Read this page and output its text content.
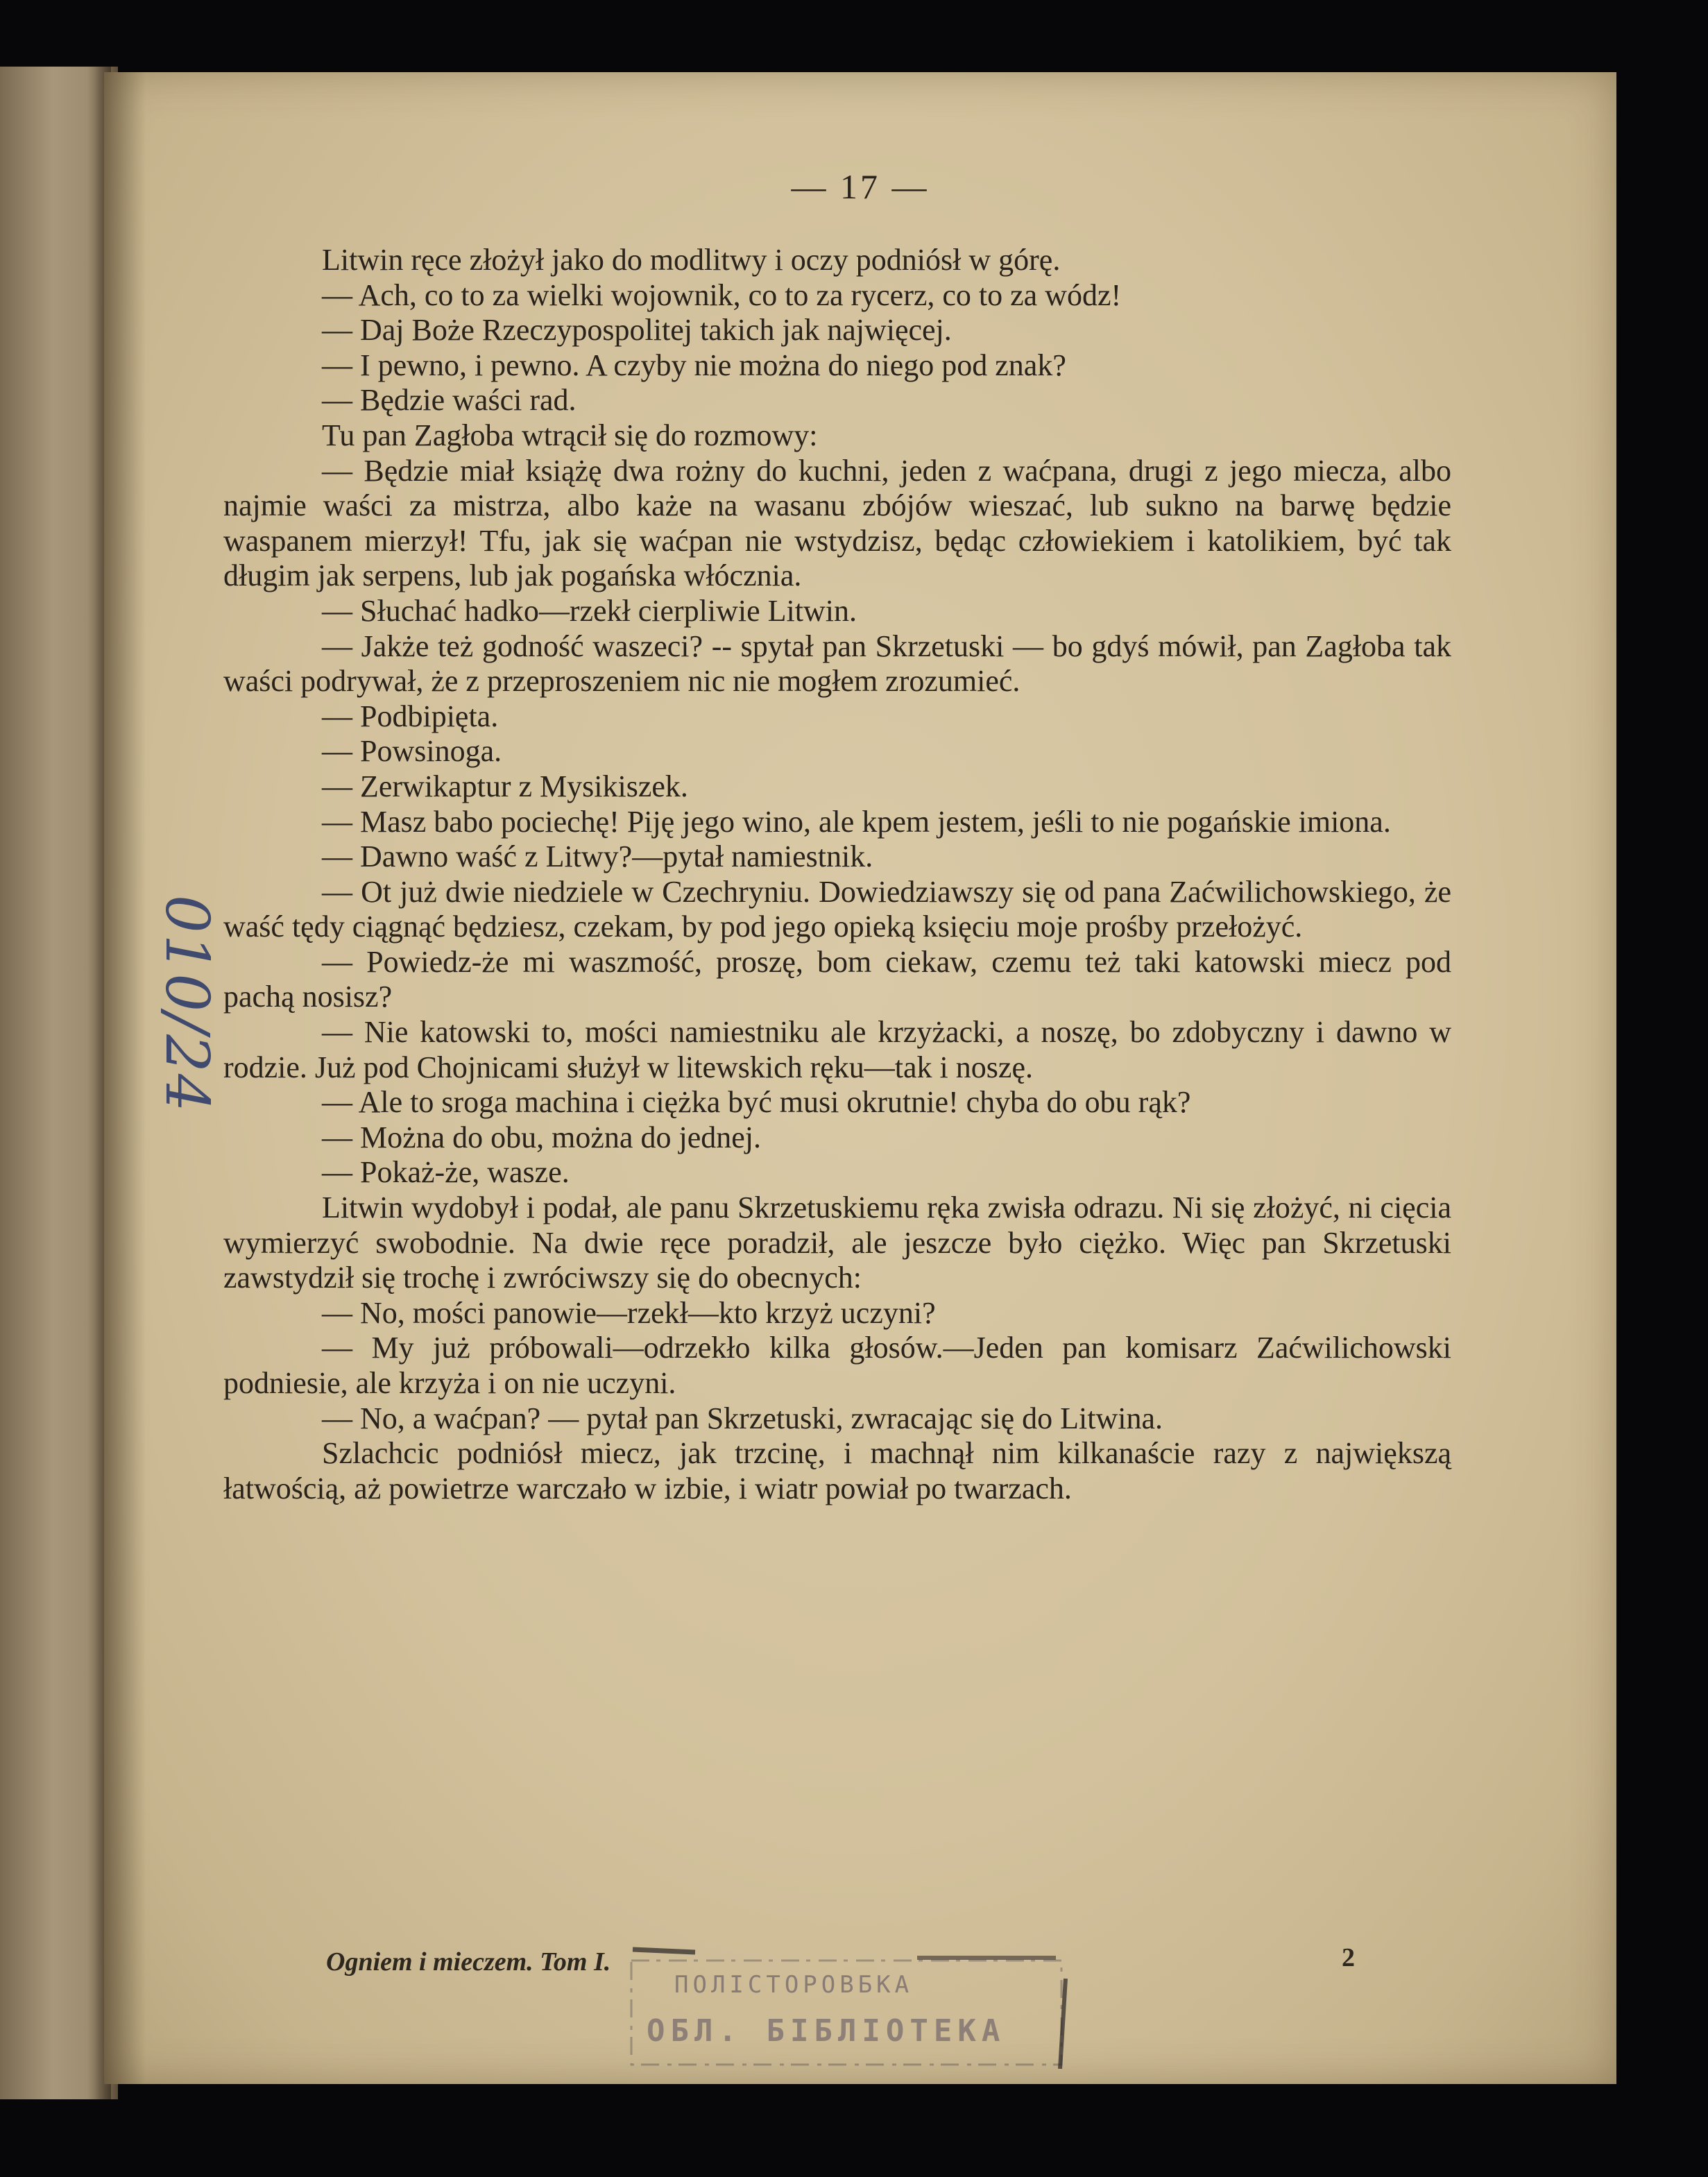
— 17 —

Litwin ręce złożył jako do modlitwy i oczy podniósł w górę.

— Ach, co to za wielki wojownik, co to za rycerz, co to za wódz!

— Daj Boże Rzeczypospolitej takich jak najwięcej.

— I pewno, i pewno. A czyby nie można do niego pod znak?

— Będzie waści rad.

Tu pan Zagłoba wtrącił się do rozmowy:

— Będzie miał książę dwa rożny do kuchni, jeden z waćpana, drugi z jego miecza, albo najmie waści za mistrza, albo każe na wasanu zbójów wieszać, lub sukno na barwę będzie waspanem mierzył! Tfu, jak się waćpan nie wstydzisz, będąc człowiekiem i katolikiem, być tak długim jak serpens, lub jak pogańska włócznia.

— Słuchać hadko—rzekł cierpliwie Litwin.

— Jakże też godność waszeci? -- spytał pan Skrzetuski — bo gdyś mówił, pan Zagłoba tak waści podrywał, że z przeproszeniem nic nie mogłem zrozumieć.

— Podbipięta.

— Powsinoga.

— Zerwikaptur z Mysikiszek.

— Masz babo pociechę! Piję jego wino, ale kpem jestem, jeśli to nie pogańskie imiona.

— Dawno waść z Litwy?—pytał namiestnik.

— Ot już dwie niedziele w Czechryniu. Dowiedziawszy się od pana Zaćwilichowskiego, że waść tędy ciągnąć będziesz, czekam, by pod jego opieką księciu moje prośby przełożyć.

— Powiedz-że mi waszmość, proszę, bom ciekaw, czemu też taki katowski miecz pod pachą nosisz?

— Nie katowski to, mości namiestniku ale krzyżacki, a noszę, bo zdobyczny i dawno w rodzie. Już pod Chojnicami służył w litewskich ręku—tak i noszę.

— Ale to sroga machina i ciężka być musi okrutnie! chyba do obu rąk?

— Można do obu, można do jednej.

— Pokaż-że, wasze.

Litwin wydobył i podał, ale panu Skrzetuskiemu ręka zwisła odrazu. Ni się złożyć, ni cięcia wymierzyć swobodnie. Na dwie ręce poradził, ale jeszcze było ciężko. Więc pan Skrzetuski zawstydził się trochę i zwróciwszy się do obecnych:

— No, mości panowie—rzekł—kto krzyż uczyni?

— My już próbowali—odrzekło kilka głosów.—Jeden pan komisarz Zaćwilichowski podniesie, ale krzyża i on nie uczyni.

— No, a waćpan? — pytał pan Skrzetuski, zwracając się do Litwina.

Szlachcic podniósł miecz, jak trzcinę, i machnął nim kilkanaście razy z największą łatwością, aż powietrze warczało w izbie, i wiatr powiał po twarzach.

Ogniem i mieczem. Tom I.	2
ПОЛІСТОРОВБКА
ОБЛ. БІБЛІОТЕКА
010/24
